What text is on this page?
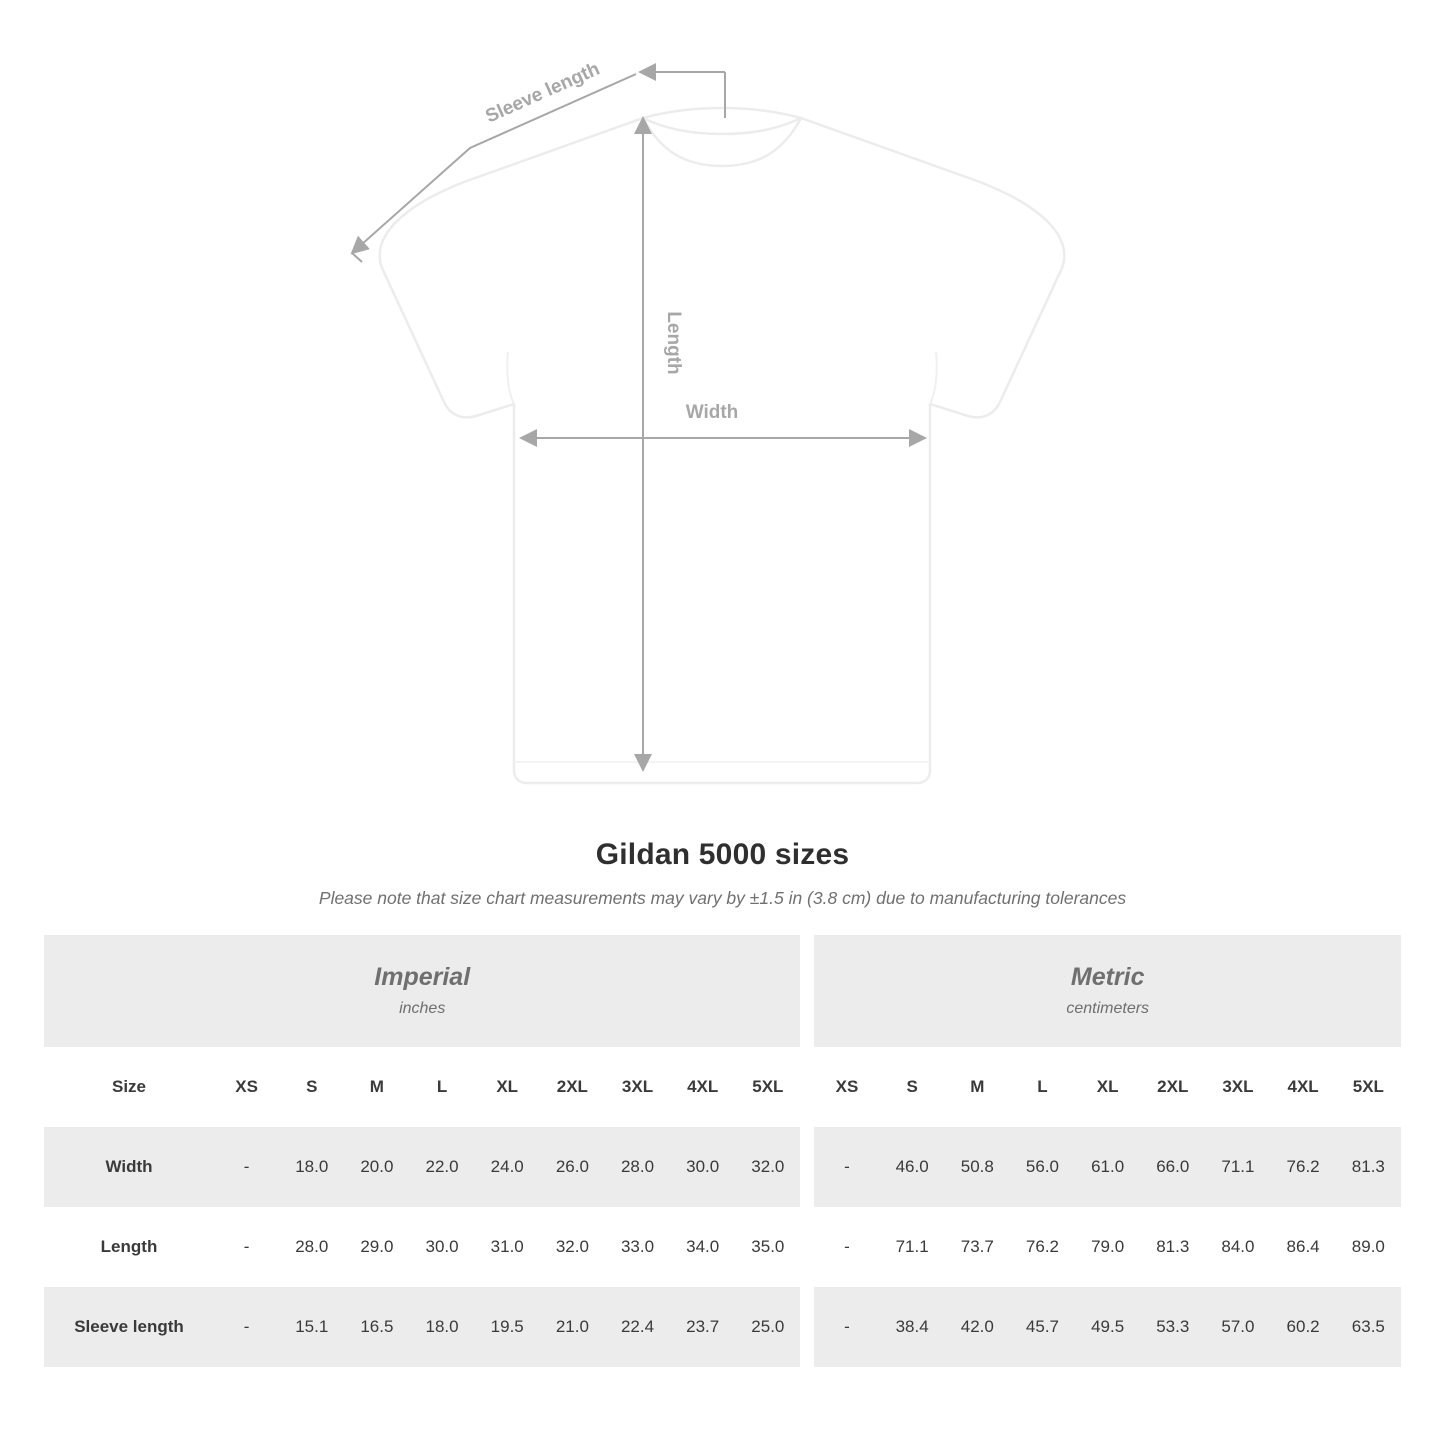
Sleeve length
Length
Width
Gildan 5000 sizes
Please note that size chart measurements may vary by ±1.5 in (3.8 cm) due to manufacturing tolerances
Imperial
inches

Metric
centimeters

Size	XS	S	M	L	XL	2XL	3XL	4XL	5XL		XS	S	M	L	XL	2XL	3XL	4XL	5XL
Width	-	18.0	20.0	22.0	24.0	26.0	28.0	30.0	32.0		-	46.0	50.8	56.0	61.0	66.0	71.1	76.2	81.3
Length	-	28.0	29.0	30.0	31.0	32.0	33.0	34.0	35.0		-	71.1	73.7	76.2	79.0	81.3	84.0	86.4	89.0
Sleeve length	-	15.1	16.5	18.0	19.5	21.0	22.4	23.7	25.0		-	38.4	42.0	45.7	49.5	53.3	57.0	60.2	63.5
